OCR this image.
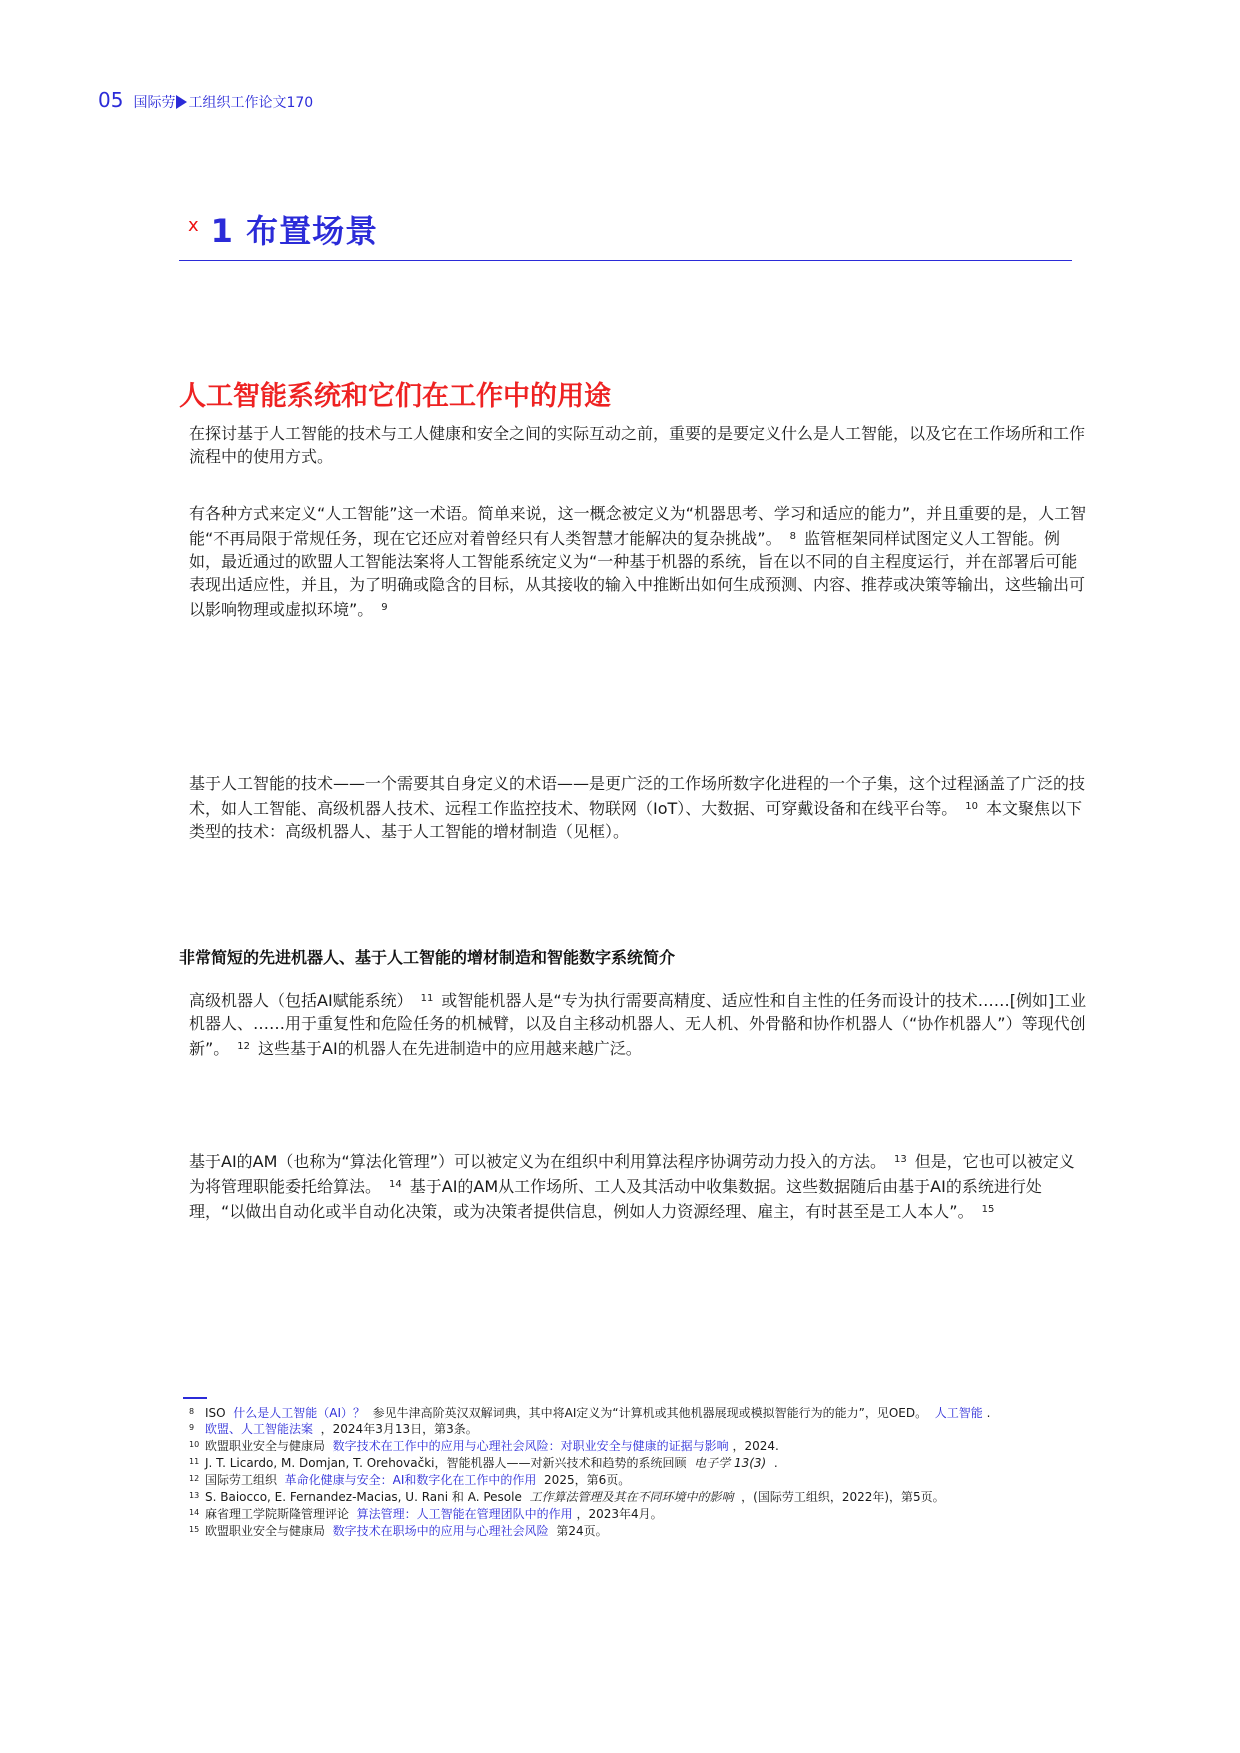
05 国际劳 工组织工作论文170
x 1 布置场景
人工智能系统和它们在工作中的用途
在探讨基于人工智能的技术与工人健康和安全之间的实际互动之前，重要的是要定义什么是人工智能，以及它在工作场所和工作流程中的使用方式。
有各种方式来定义“人工智能”这一术语。简单来说，这一概念被定义为“机器思考、学习和适应的能力”，并且重要的是，人工智能“不再局限于常规任务，现在它还应对着曾经只有人类智慧才能解决的复杂挑战”。 $^8$ 监管框架同样试图定义人工智能。例如，最近通过的欧盟人工智能法案将人工智能系统定义为“一种基于机器的系统，旨在以不同的自主程度运行，并在部署后可能表现出适应性，并且，为了明确或隐含的目标，从其接收的输入中推断出如何生成预测、内容、推荐或决策等输出，这些输出可以影响物理或虚拟环境”。 $^9$
基于人工智能的技术——一个需要其自身定义的术语——是更广泛的工作场所数字化进程的一个子集，这个过程涵盖了广泛的技术，如人工智能、高级机器人技术、远程工作监控技术、物联网（IoT）、大数据、可穿戴设备和在线平台等。 $^{10}$ 本文聚焦以下类型的技术：高级机器人、基于人工智能的增材制造（见框）。
非常简短的先进机器人、基于人工智能的增材制造和智能数字系统简介
高级机器人（包括AI赋能系统） $^{11}$ 或智能机器人是“专为执行需要高精度、适应性和自主性的任务而设计的技术……[例如]工业机器人、……用于重复性和危险任务的机械臂，以及自主移动机器人、无人机、外骨骼和协作机器人（“协作机器人”）等现代创新”。 $^{12}$ 这些基于AI的机器人在先进制造中的应用越来越广泛。
基于AI的AM（也称为“算法化管理”）可以被定义为在组织中利用算法程序协调劳动力投入的方法。 $^{13}$ 但是，它也可以被定义为将管理职能委托给算法。 $^{14}$ 基于AI的AM从工作场所、工人及其活动中收集数据。这些数据随后由基于AI的系统进行处理，“以做出自动化或半自动化决策，或为决策者提供信息，例如人力资源经理、雇主，有时甚至是工人本人”。 $^{15}$
8 ISO 什么是人工智能（AI）？ 参见牛津高阶英汉双解词典，其中将AI定义为“计算机或其他机器展现或模拟智能行为的能力”，见OED。 人工智能 .
9 欧盟、人工智能法案 ，2024年3月13日，第3条。
10 欧盟职业安全与健康局 数字技术在工作中的应用与心理社会风险：对职业安全与健康的证据与影响 ，2024.
11 J. T. Licardo, M. Domjan, T. Orehovački，智能机器人——对新兴技术和趋势的系统回顾 电子学 13(3) .
12 国际劳工组织 革命化健康与安全：AI和数字化在工作中的作用 2025，第6页。
13 S. Baiocco, E. Fernandez-Macias, U. Rani 和 A. Pesole 工作算法管理及其在不同环境中的影响 ，(国际劳工组织，2022年)，第5页。
14 麻省理工学院斯隆管理评论 算法管理：人工智能在管理团队中的作用 ，2023年4月。
15 欧盟职业安全与健康局 数字技术在职场中的应用与心理社会风险 第24页。
